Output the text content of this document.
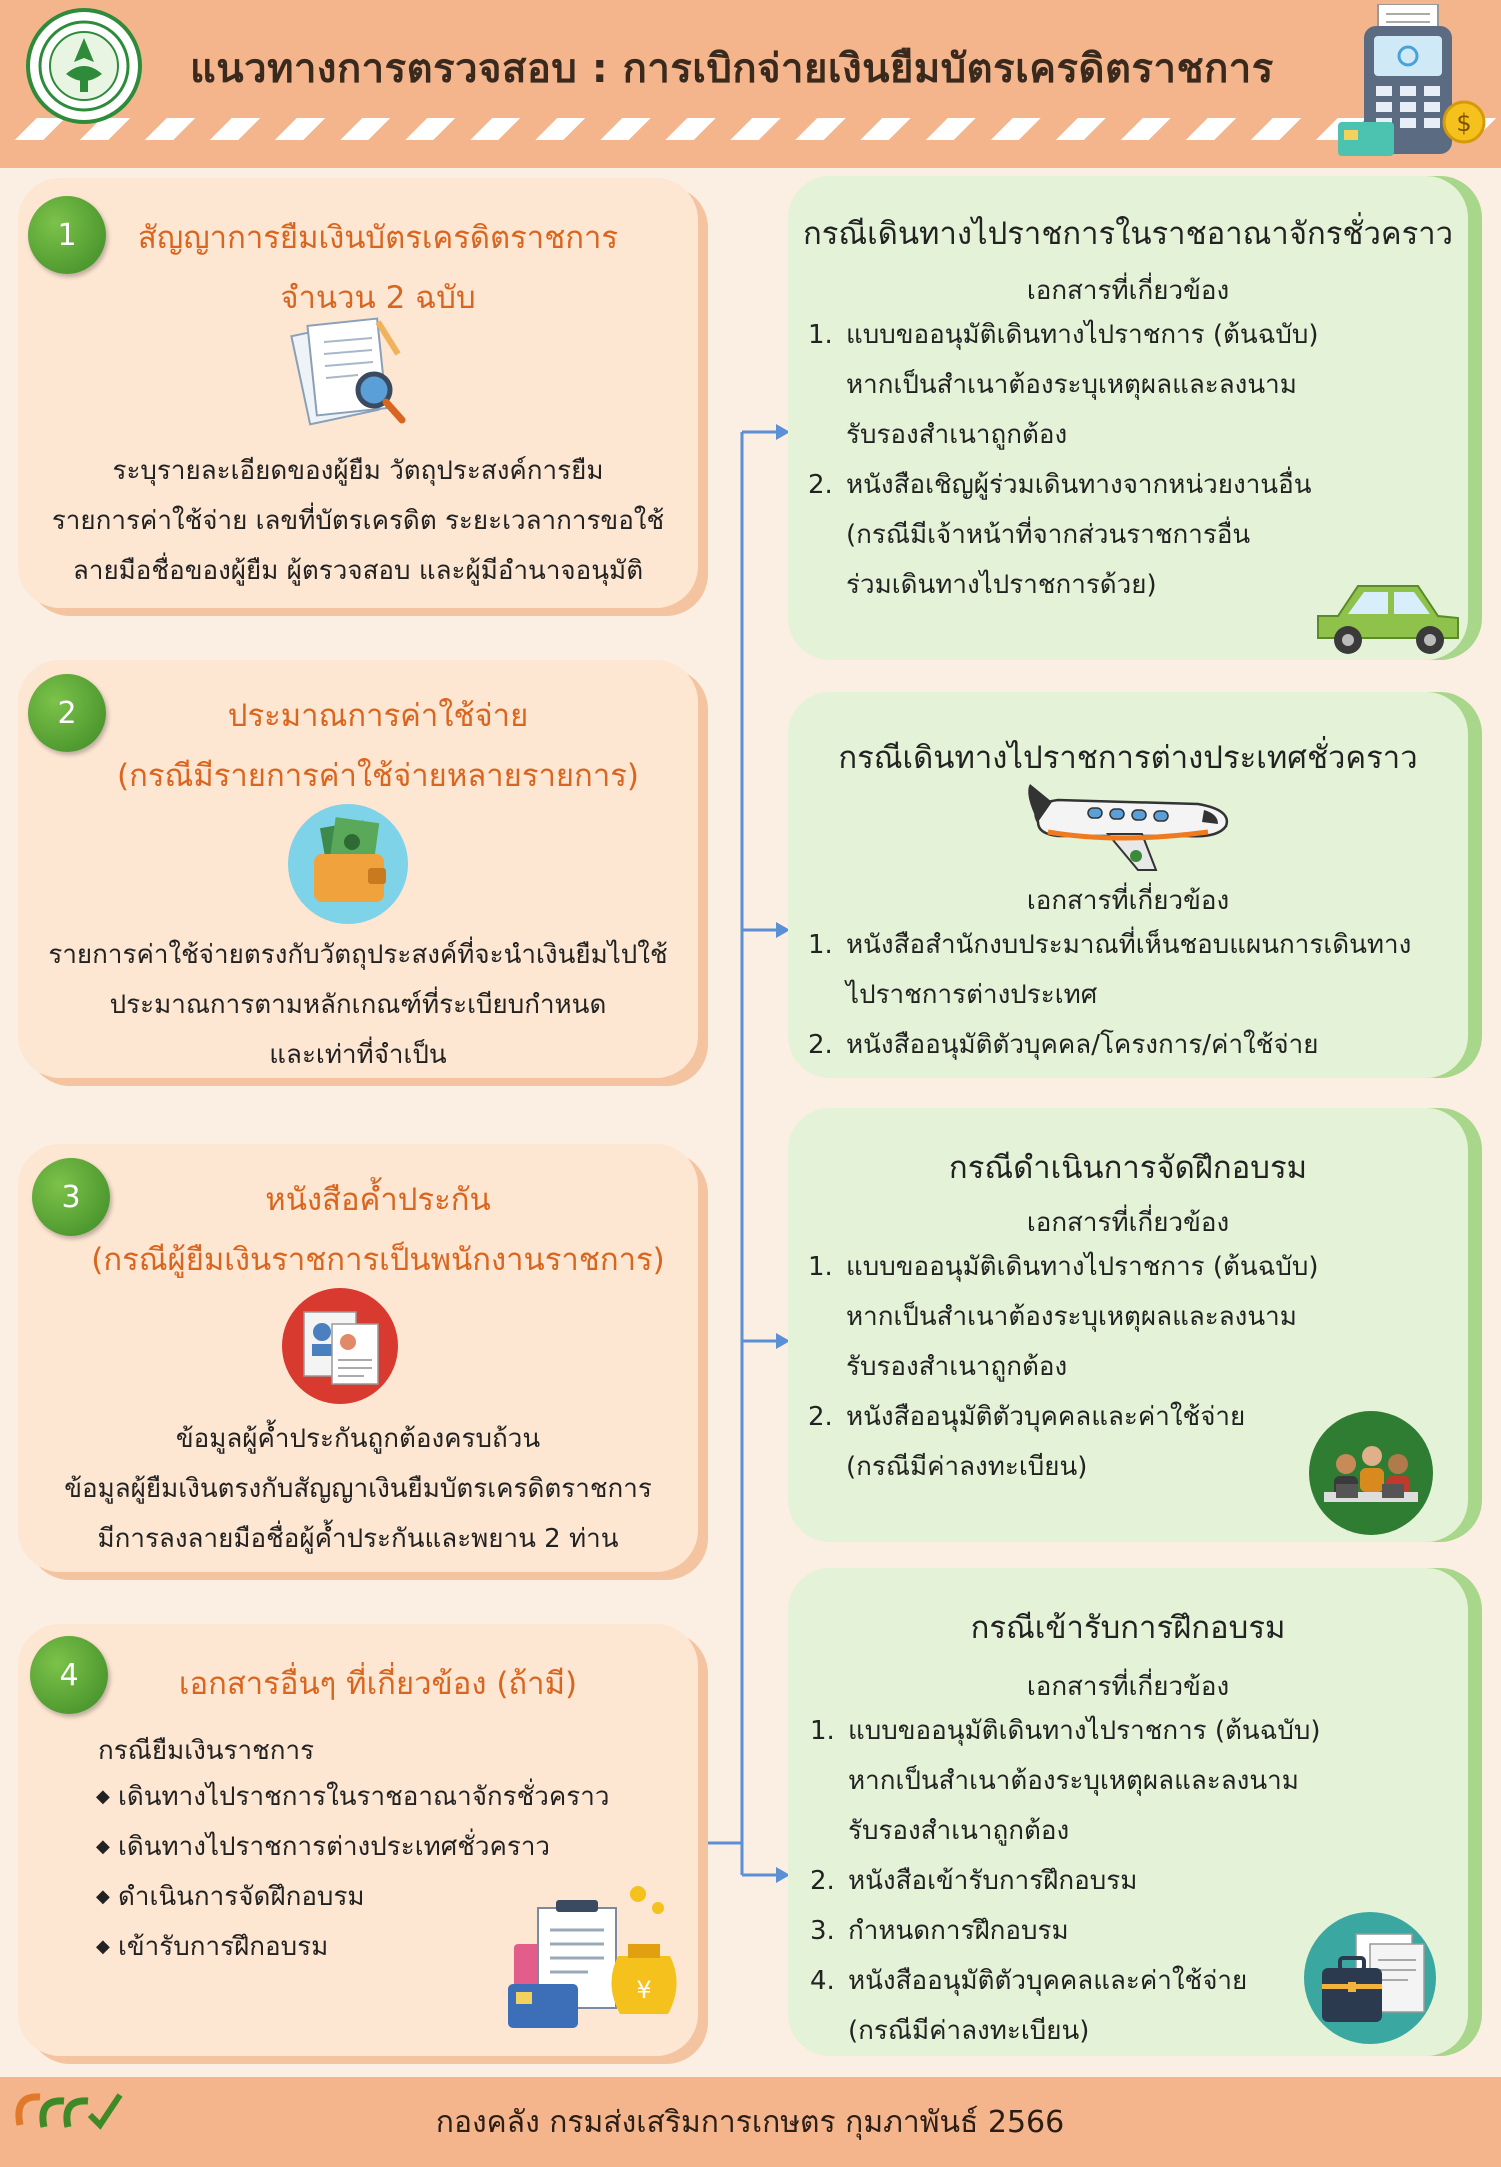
แนวทางการตรวจสอบ : การเบิกจ่ายเงินยืมบัตรเครดิตราชการ
$
1	สัญญาการยืมเงินบัตรเครดิตราชการ
จำนวน 2 ฉบับ
ระบุรายละเอียดของผู้ยืม วัตถุประสงค์การยืม
รายการค่าใช้จ่าย เลขที่บัตรเครดิต ระยะเวลาการขอใช้
ลายมือชื่อของผู้ยืม ผู้ตรวจสอบ และผู้มีอำนาจอนุมัติ
2	ประมาณการค่าใช้จ่าย
(กรณีมีรายการค่าใช้จ่ายหลายรายการ)
รายการค่าใช้จ่ายตรงกับวัตถุประสงค์ที่จะนำเงินยืมไปใช้
ประมาณการตามหลักเกณฑ์ที่ระเบียบกำหนด
และเท่าที่จำเป็น
3	หนังสือค้ำประกัน
(กรณีผู้ยืมเงินราชการเป็นพนักงานราชการ)
ข้อมูลผู้ค้ำประกันถูกต้องครบถ้วน
ข้อมูลผู้ยืมเงินตรงกับสัญญาเงินยืมบัตรเครดิตราชการ
มีการลงลายมือชื่อผู้ค้ำประกันและพยาน 2 ท่าน
4	เอกสารอื่นๆ ที่เกี่ยวข้อง (ถ้ามี)
กรณียืมเงินราชการ
◆ เดินทางไปราชการในราชอาณาจักรชั่วคราว
◆ เดินทางไปราชการต่างประเทศชั่วคราว
◆ ดำเนินการจัดฝึกอบรม
◆ เข้ารับการฝึกอบรม
¥
กรณีเดินทางไปราชการในราชอาณาจักรชั่วคราว
เอกสารที่เกี่ยวข้อง
1. แบบขออนุมัติเดินทางไปราชการ (ต้นฉบับ)
หากเป็นสำเนาต้องระบุเหตุผลและลงนาม
รับรองสำเนาถูกต้อง
2. หนังสือเชิญผู้ร่วมเดินทางจากหน่วยงานอื่น
(กรณีมีเจ้าหน้าที่จากส่วนราชการอื่น
ร่วมเดินทางไปราชการด้วย)
กรณีเดินทางไปราชการต่างประเทศชั่วคราว
เอกสารที่เกี่ยวข้อง
1. หนังสือสำนักงบประมาณที่เห็นชอบแผนการเดินทาง
ไปราชการต่างประเทศ
2. หนังสืออนุมัติตัวบุคคล/โครงการ/ค่าใช้จ่าย
กรณีดำเนินการจัดฝึกอบรม
เอกสารที่เกี่ยวข้อง
1. แบบขออนุมัติเดินทางไปราชการ (ต้นฉบับ)
หากเป็นสำเนาต้องระบุเหตุผลและลงนาม
รับรองสำเนาถูกต้อง
2. หนังสืออนุมัติตัวบุคคลและค่าใช้จ่าย
(กรณีมีค่าลงทะเบียน)
กรณีเข้ารับการฝึกอบรม
เอกสารที่เกี่ยวข้อง
1. แบบขออนุมัติเดินทางไปราชการ (ต้นฉบับ)
หากเป็นสำเนาต้องระบุเหตุผลและลงนาม
รับรองสำเนาถูกต้อง
2. หนังสือเข้ารับการฝึกอบรม
3. กำหนดการฝึกอบรม
4. หนังสืออนุมัติตัวบุคคลและค่าใช้จ่าย
(กรณีมีค่าลงทะเบียน)
กองคลัง กรมส่งเสริมการเกษตร กุมภาพันธ์ 2566
